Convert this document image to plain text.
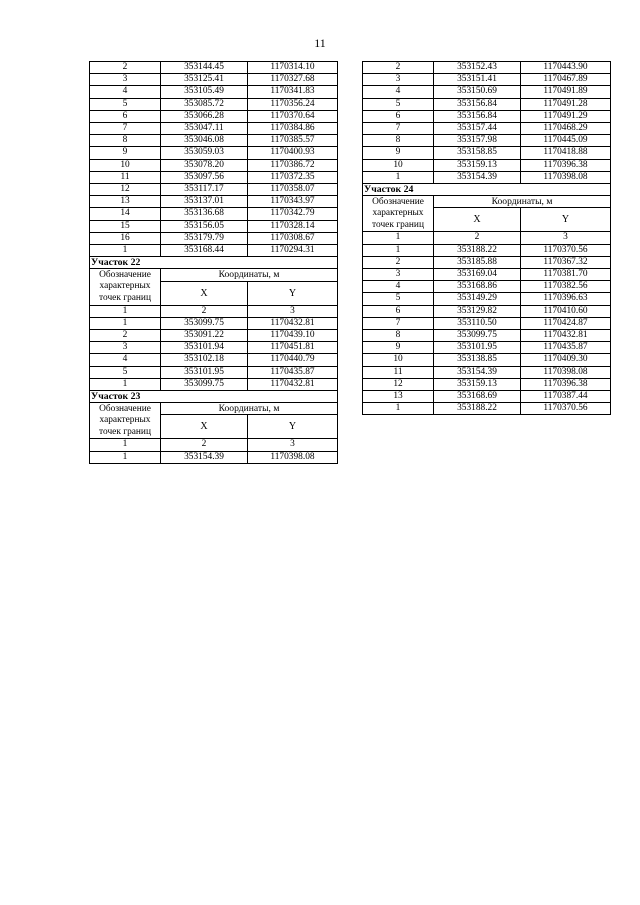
11
2	353144.45	1170314.10
3	353125.41	1170327.68
4	353105.49	1170341.83
5	353085.72	1170356.24
6	353066.28	1170370.64
7	353047.11	1170384.86
8	353046.08	1170385.57
9	353059.03	1170400.93
10	353078.20	1170386.72
11	353097.56	1170372.35
12	353117.17	1170358.07
13	353137.01	1170343.97
14	353136.68	1170342.79
15	353156.05	1170328.14
16	353179.79	1170308.67
1	353168.44	1170294.31
Участок 22		
Обозначение характерных точек границ	Координаты, м	
	X	Y
1	2	3
1	353099.75	1170432.81
2	353091.22	1170439.10
3	353101.94	1170451.81
4	353102.18	1170440.79
5	353101.95	1170435.87
1	353099.75	1170432.81
Участок 23		
Обозначение характерных точек границ	Координаты, м	
	X	Y
1	2	3
1	353154.39	1170398.08
2	353152.43	1170443.90
3	353151.41	1170467.89
4	353150.69	1170491.89
5	353156.84	1170491.28
6	353156.84	1170491.29
7	353157.44	1170468.29
8	353157.98	1170445.09
9	353158.85	1170418.88
10	353159.13	1170396.38
1	353154.39	1170398.08
Участок 24		
Обозначение характерных точек границ	Координаты, м	
	X	Y
1	2	3
1	353188.22	1170370.56
2	353185.88	1170367.32
3	353169.04	1170381.70
4	353168.86	1170382.56
5	353149.29	1170396.63
6	353129.82	1170410.60
7	353110.50	1170424.87
8	353099.75	1170432.81
9	353101.95	1170435.87
10	353138.85	1170409.30
11	353154.39	1170398.08
12	353159.13	1170396.38
13	353168.69	1170387.44
1	353188.22	1170370.56
